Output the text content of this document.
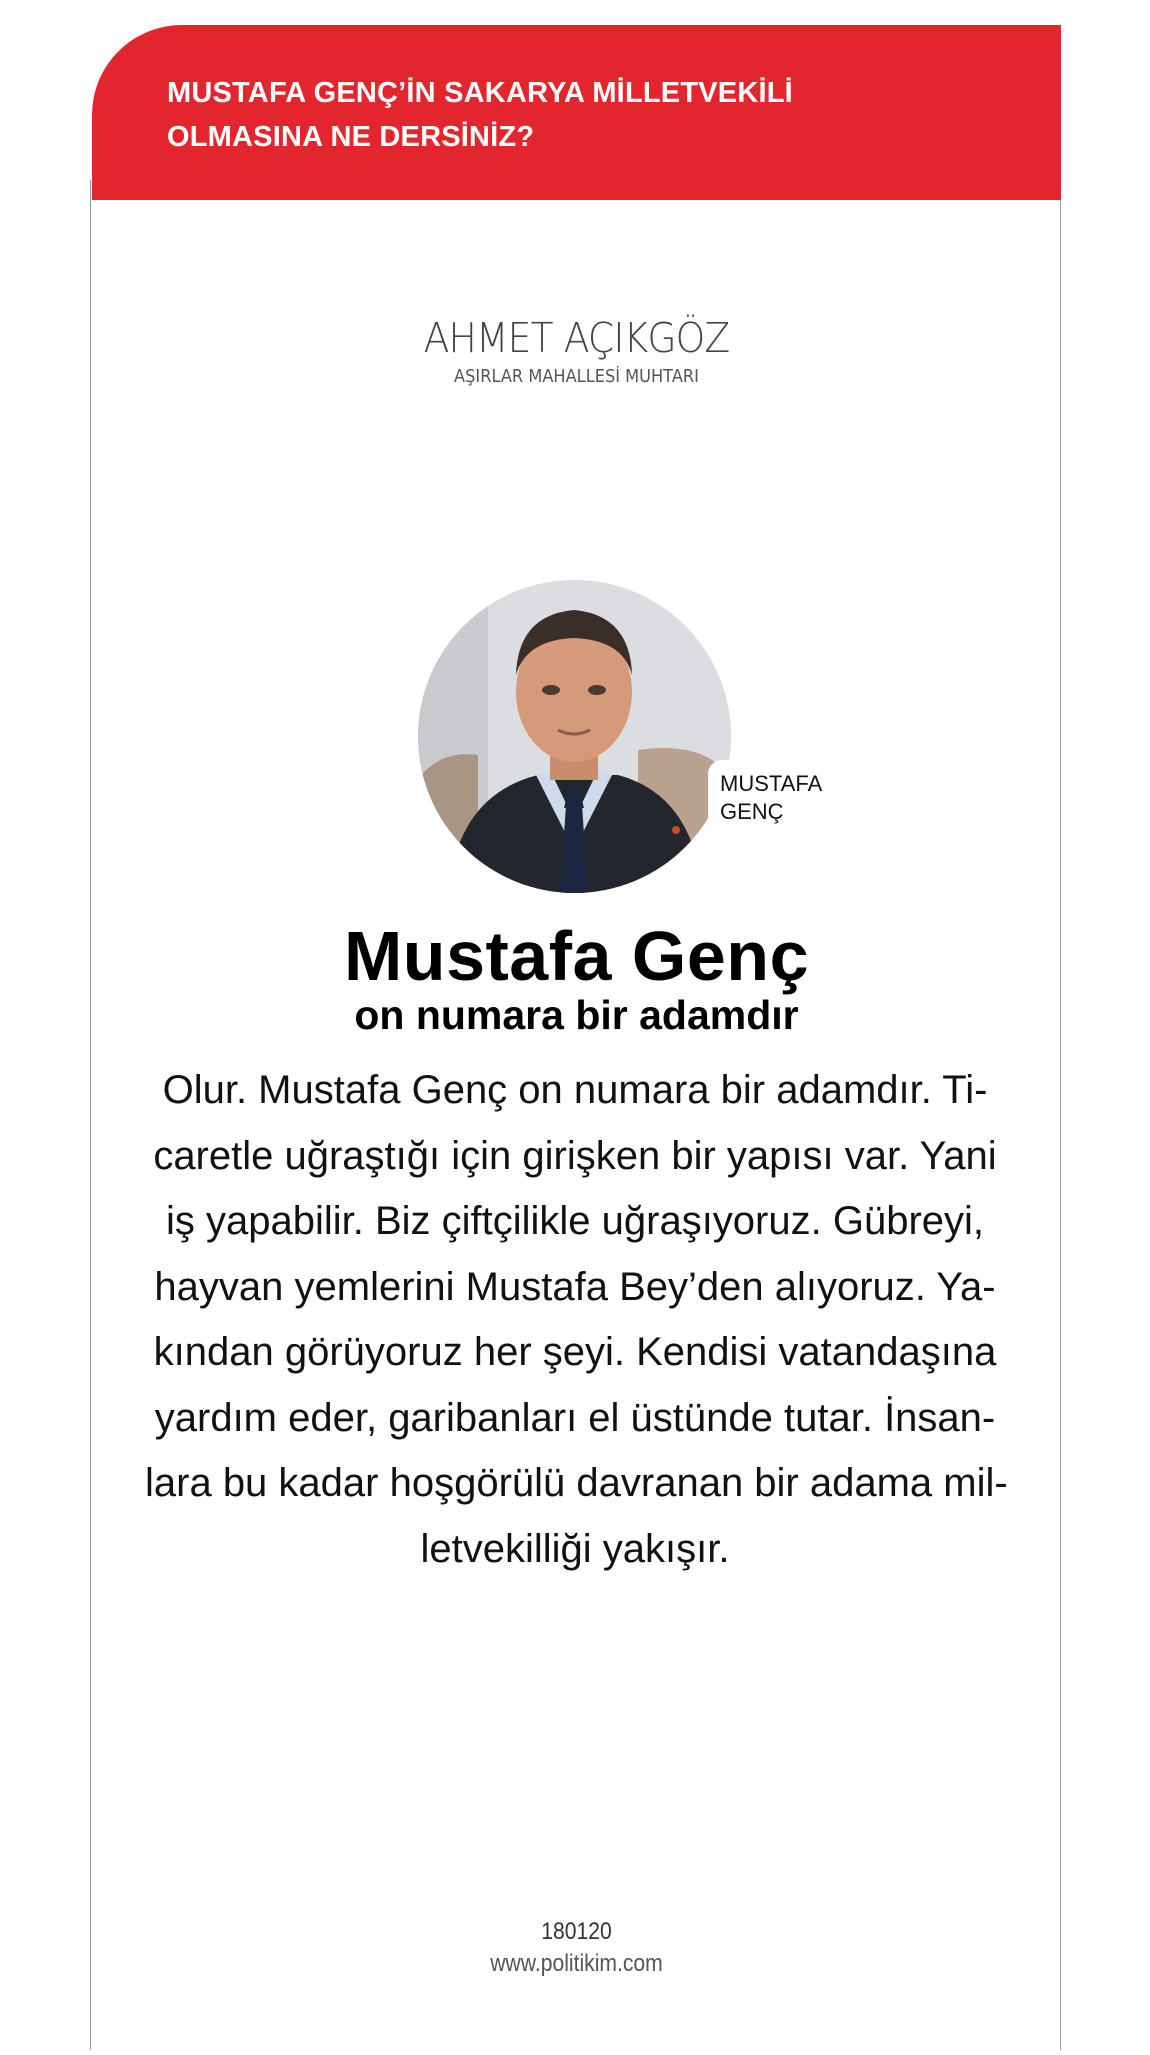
MUSTAFA GENÇ’İN SAKARYA MİLLETVEKİLİ
OLMASINA NE DERSİNİZ?
AHMET AÇIKGÖZ
AŞIRLAR MAHALLESİ MUHTARI
MUSTAFA
GENÇ
Mustafa Genç
on numara bir adamdır
Olur. Mustafa Genç on numara bir adamdır. Ti-
caretle uğraştığı için girişken bir yapısı var. Yani
iş yapabilir. Biz çiftçilikle uğraşıyoruz. Gübreyi,
hayvan yemlerini Mustafa Bey’den alıyoruz. Ya-
kından görüyoruz her şeyi. Kendisi vatandaşına
yardım eder, garibanları el üstünde tutar. İnsan-
lara bu kadar hoşgörülü davranan bir adama mil-
letvekilliği yakışır.
180120
www.politikim.com
